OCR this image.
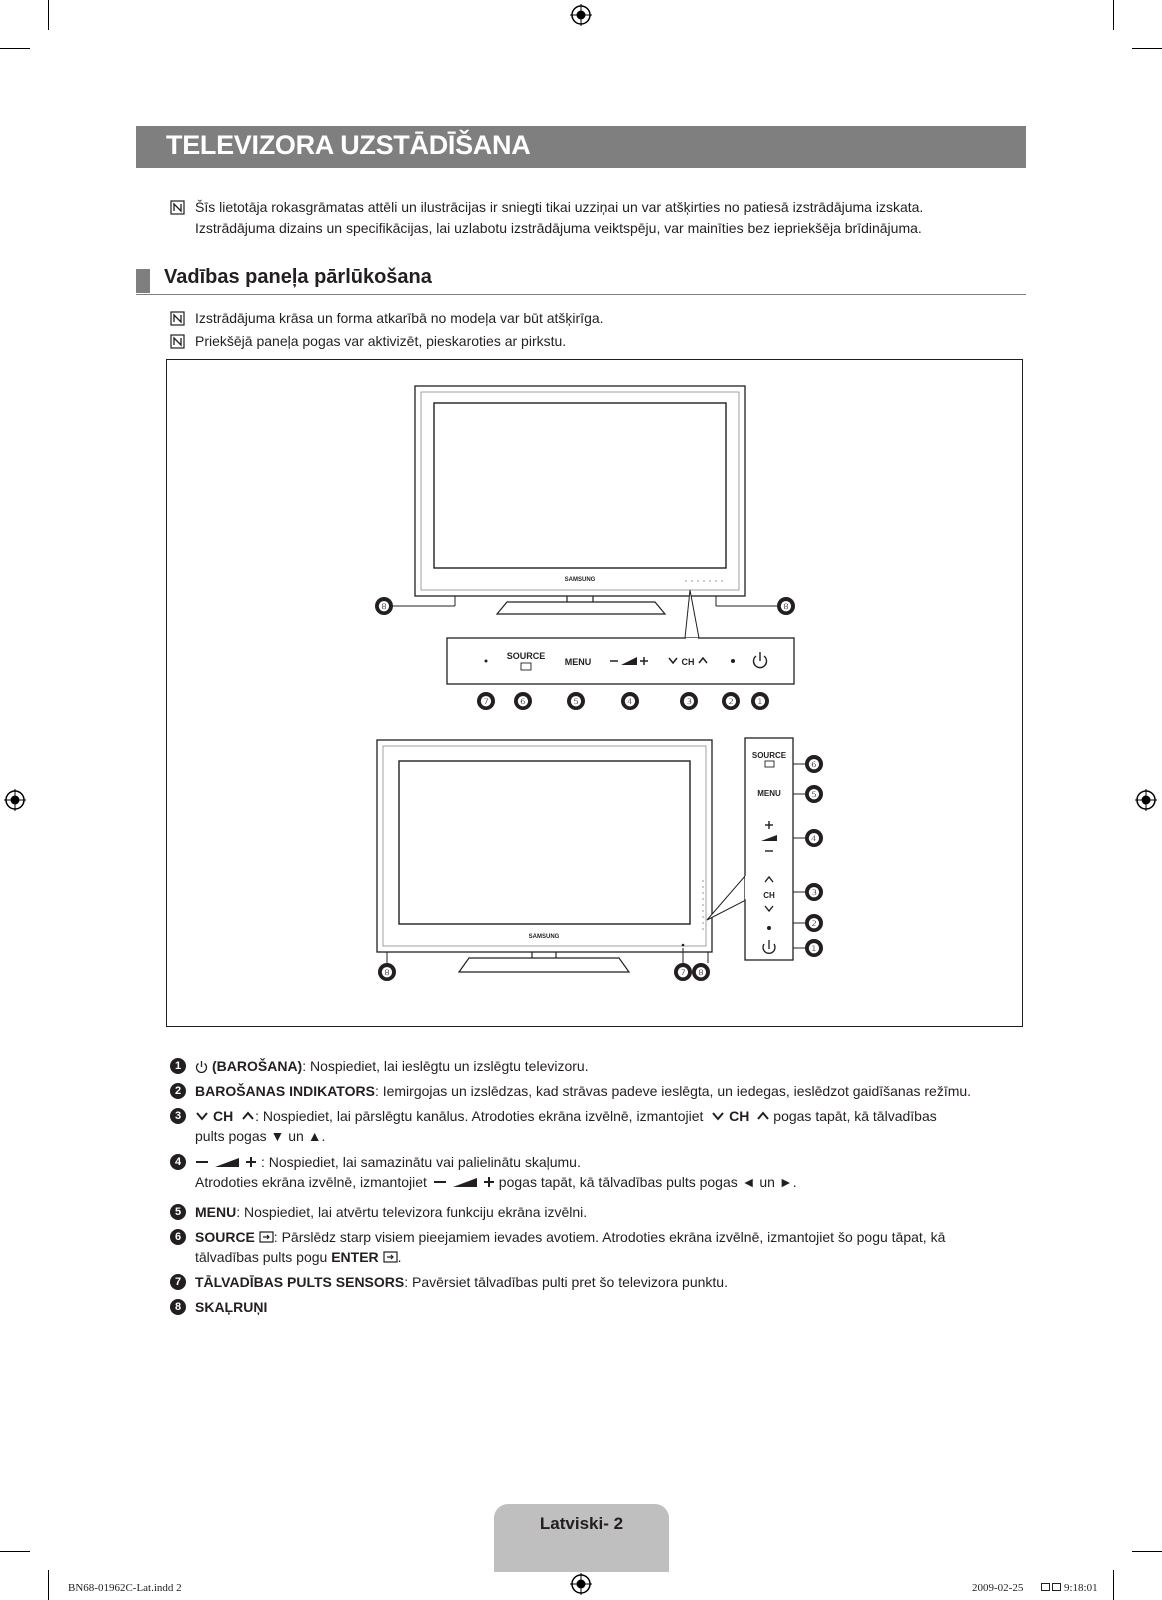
TELEVIZORA UZSTĀDĪŠANA
Šīs lietotāja rokasgrāmatas attēli un ilustrācijas ir sniegti tikai uzziņai un var atšķirties no patiesā izstrādājuma izskata.
Izstrādājuma dizains un specifikācijas, lai uzlabotu izstrādājuma veiktspēju, var mainīties bez iepriekšēja brīdinājuma.
Vadības paneļa pārlūkošana
Izstrādājuma krāsa un forma atkarībā no modeļa var būt atšķirīga.
Priekšējā paneļa pogas var aktivizēt, pieskaroties ar pirkstu.
SAMSUNG
SOURCE
MENU	CH
SAMSUNG
SOURCE
MENU
CH
❽	❽
❼ ❻	❺	❹	❸ ❷ ❶
❻
❺
❹
❸
❷
❶
❽	❼ ❽
1	(BAROŠANA): Nospiediet, lai ieslēgtu un izslēgtu televizoru.
2 BAROŠANAS INDIKATORS: Iemirgojas un izslēdzas, kad strāvas padeve ieslēgta, un iedegas, ieslēdzot gaidīšanas režīmu.
3	CH : Nospiediet, lai pārslēgtu kanālus. Atrodoties ekrāna izvēlnē, izmantojiet CH pogas tapāt, kā tālvadības
pults pogas ▼ un ▲.
4	: Nospiediet, lai samazinātu vai palielinātu skaļumu.
Atrodoties ekrāna izvēlnē, izmantojiet	pogas tapāt, kā tālvadības pults pogas ◄ un ►.
5 MENU: Nospiediet, lai atvērtu televizora funkciju ekrāna izvēlni.
6 SOURCE : Pārslēdz starp visiem pieejamiem ievades avotiem. Atrodoties ekrāna izvēlnē, izmantojiet šo pogu tāpat, kā
tālvadības pults pogu ENTER .
7 TĀLVADĪBAS PULTS SENSORS: Pavērsiet tālvadības pulti pret šo televizora punktu.
8 SKAĻRUŅI
Latviski- 2
BN68-01962C-Lat.indd 2	2009-02-25	9:18:01
